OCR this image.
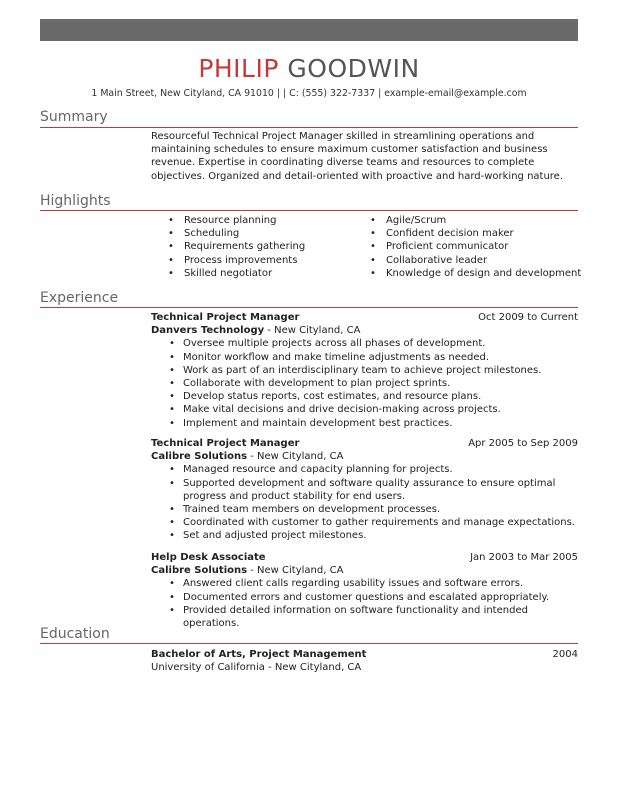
PHILIP GOODWIN
1 Main Street, New Cityland, CA 91010 | | C: (555) 322-7337 | example-email@example.com
Summary
Resourceful Technical Project Manager skilled in streamlining operations and maintaining schedules to ensure maximum customer satisfaction and business revenue. Expertise in coordinating diverse teams and resources to complete objectives. Organized and detail-oriented with proactive and hard-working nature.
Highlights
• Resource planning
• Scheduling
• Requirements gathering
• Process improvements
• Skilled negotiator
• Agile/Scrum
• Confident decision maker
• Proficient communicator
• Collaborative leader
• Knowledge of design and development
Experience
Technical Project Manager	Oct 2009 to Current
Danvers Technology - New Cityland, CA
• Oversee multiple projects across all phases of development.
• Monitor workflow and make timeline adjustments as needed.
• Work as part of an interdisciplinary team to achieve project milestones.
• Collaborate with development to plan project sprints.
• Develop status reports, cost estimates, and resource plans.
• Make vital decisions and drive decision-making across projects.
• Implement and maintain development best practices.
Technical Project Manager	Apr 2005 to Sep 2009
Calibre Solutions - New Cityland, CA
• Managed resource and capacity planning for projects.
• Supported development and software quality assurance to ensure optimal progress and product stability for end users.
• Trained team members on development processes.
• Coordinated with customer to gather requirements and manage expectations.
• Set and adjusted project milestones.
Help Desk Associate	Jan 2003 to Mar 2005
Calibre Solutions - New Cityland, CA
• Answered client calls regarding usability issues and software errors.
• Documented errors and customer questions and escalated appropriately.
• Provided detailed information on software functionality and intended operations.
Education
Bachelor of Arts, Project Management	2004
University of California - New Cityland, CA
